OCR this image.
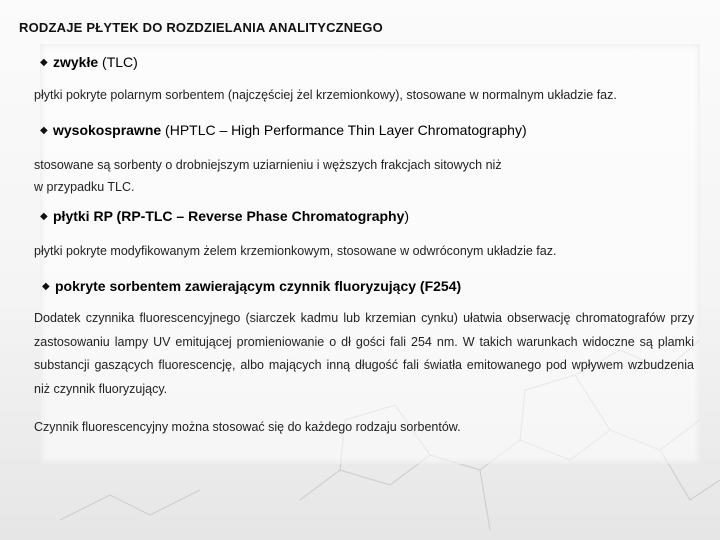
RODZAJE PŁYTEK DO ROZDZIELANIA ANALITYCZNEGO
◆ zwykłe (TLC)

płytki pokryte polarnym sorbentem (najczęściej żel krzemionkowy), stosowane w normalnym układzie faz.

◆ wysokosprawne (HPTLC – High Performance Thin Layer Chromatography)

stosowane są sorbenty o drobniejszym uziarnieniu i węższych frakcjach sitowych niż

w przypadku TLC.

◆ płytki RP (RP-TLC – Reverse Phase Chromatography)

płytki pokryte modyfikowanym żelem krzemionkowym, stosowane w odwróconym układzie faz.

◆ pokryte sorbentem zawierającym czynnik fluoryzujący (F254)

Dodatek czynnika fluorescencyjnego (siarczek kadmu lub krzemian cynku) ułatwia obserwację chromatografów przy zastosowaniu lampy UV emitującej promieniowanie o dł gości fali 254 nm. W takich warunkach widoczne są plamki substancji gaszących fluorescencję, albo mających inną długość fali światła emitowanego pod wpływem wzbudzenia niż czynnik fluoryzujący.

Czynnik fluorescencyjny można stosować się do każdego rodzaju sorbentów.
